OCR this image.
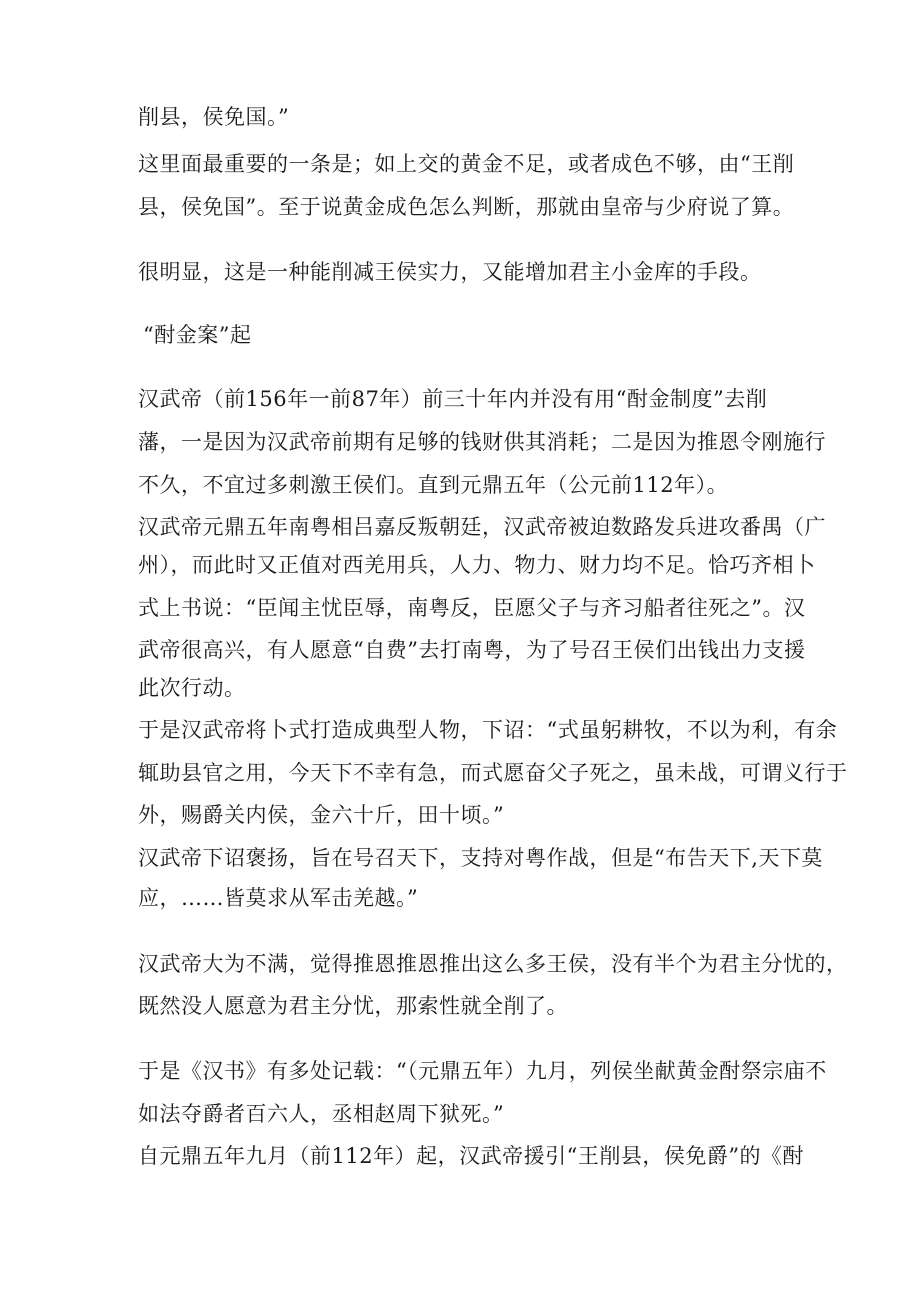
削县，侯免国。”

这里面最重要的一条是；如上交的黄金不足，或者成色不够，由“王削

县，侯免国”。至于说黄金成色怎么判断，那就由皇帝与少府说了算。

很明显，这是一种能削减王侯实力，又能增加君主小金库的手段。

“酎金案”起

汉武帝（前156年一前87年）前三十年内并没有用“酎金制度”去削

藩，一是因为汉武帝前期有足够的钱财供其消耗；二是因为推恩令刚施行

不久，不宜过多刺激王侯们。直到元鼎五年（公元前112年）。

汉武帝元鼎五年南粤相吕嘉反叛朝廷，汉武帝被迫数路发兵进攻番禺（广

州），而此时又正值对西羌用兵，人力、物力、财力均不足。恰巧齐相卜

式上书说：“臣闻主忧臣辱，南粤反，臣愿父子与齐习船者往死之”。汉

武帝很高兴，有人愿意“自费”去打南粤，为了号召王侯们出钱出力支援

此次行动。

于是汉武帝将卜式打造成典型人物，下诏：“式虽躬耕牧，不以为利，有余

辄助县官之用，今天下不幸有急，而式愿奋父子死之，虽未战，可谓义行于

外，赐爵关内侯，金六十斤，田十顷。”

汉武帝下诏褒扬，旨在号召天下，支持对粤作战，但是“布告天下,天下莫

应，……皆莫求从军击羌越。”

汉武帝大为不满，觉得推恩推恩推出这么多王侯，没有半个为君主分忧的，

既然没人愿意为君主分忧，那索性就全削了。

于是《汉书》有多处记载：“（元鼎五年）九月，列侯坐献黄金酎祭宗庙不

如法夺爵者百六人，丞相赵周下狱死。”

自元鼎五年九月（前112年）起，汉武帝援引“王削县，侯免爵”的《酎
